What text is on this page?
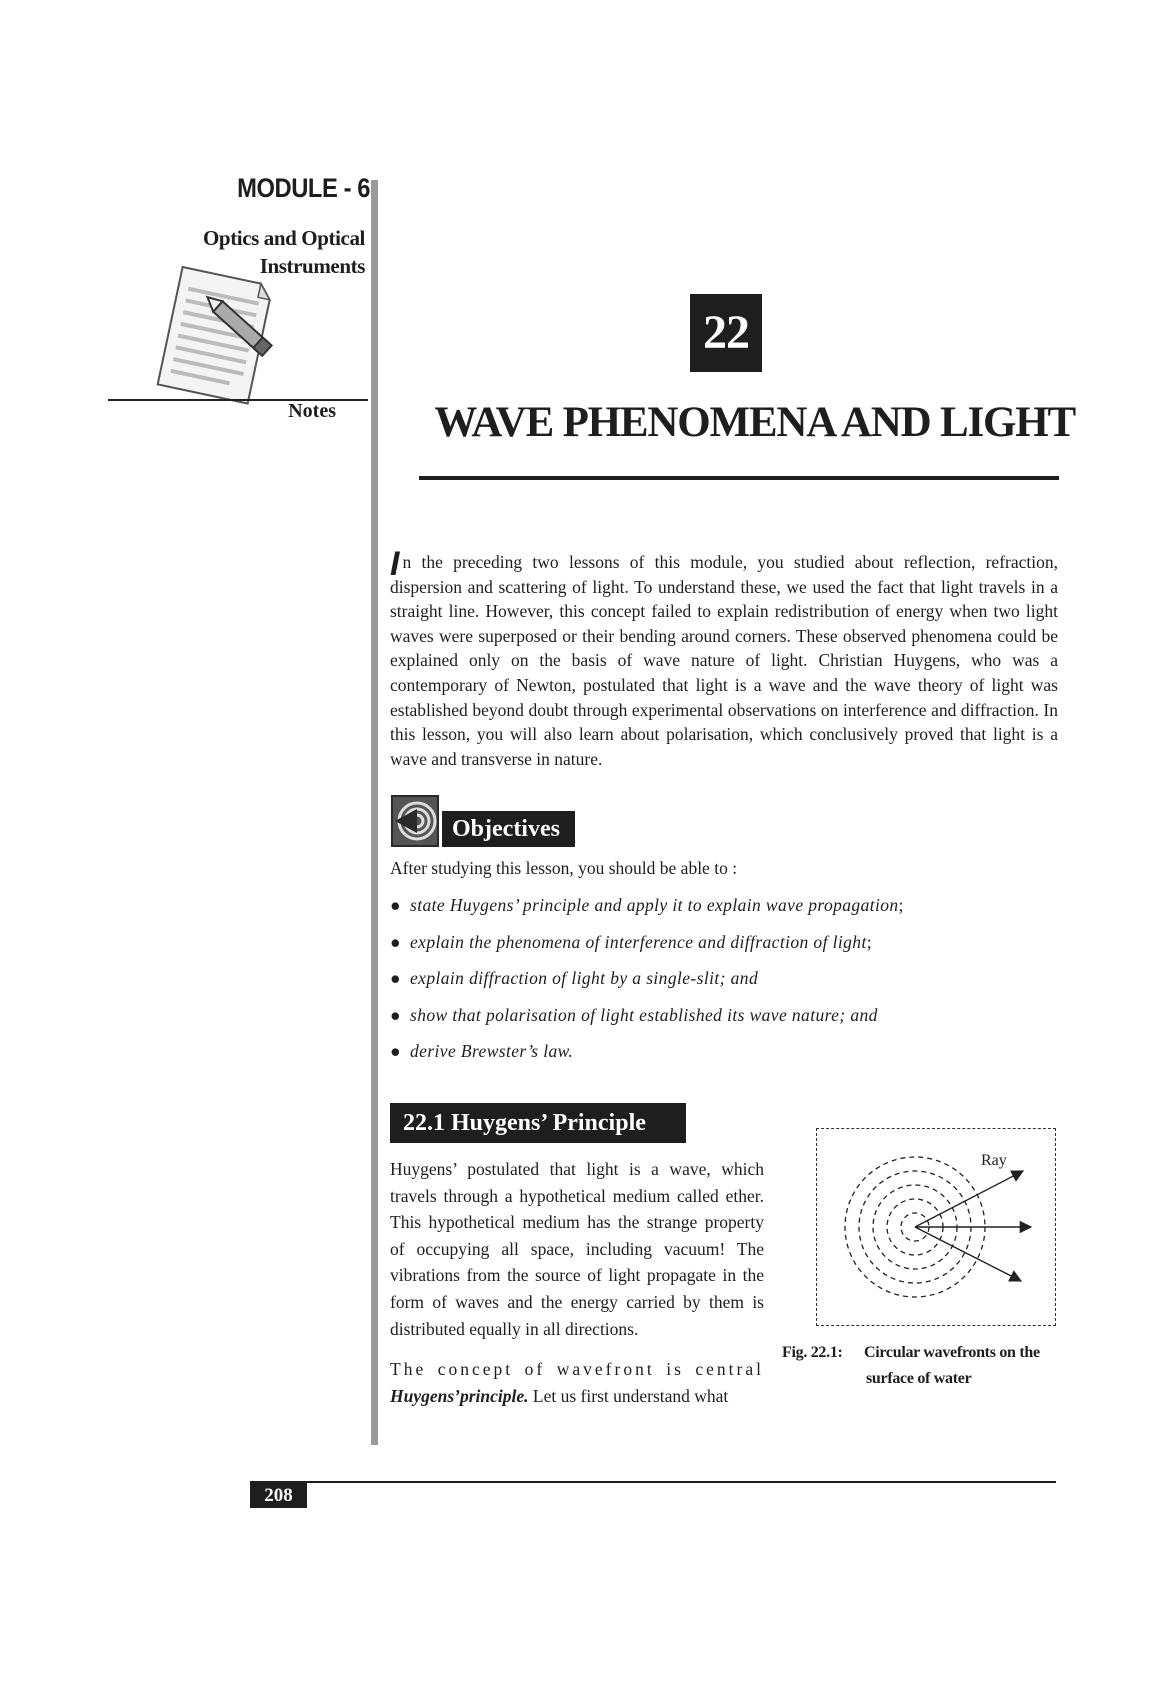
MODULE - 6
Optics and Optical
Instruments
Notes
22
WAVE PHENOMENA AND LIGHT
In the preceding two lessons of this module, you studied about reflection, refraction, dispersion and scattering of light. To understand these, we used the fact that light travels in a straight line. However, this concept failed to explain redistribution of energy when two light waves were superposed or their bending around corners. These observed phenomena could be explained only on the basis of wave nature of light. Christian Huygens, who was a contemporary of Newton, postulated that light is a wave and the wave theory of light was established beyond doubt through experimental observations on interference and diffraction. In this lesson, you will also learn about polarisation, which conclusively proved that light is a wave and transverse in nature.
Objectives
After studying this lesson, you should be able to :
● state Huygens’ principle and apply it to explain wave propagation;
● explain the phenomena of interference and diffraction of light;
● explain diffraction of light by a single-slit; and
● show that polarisation of light established its wave nature; and
● derive Brewster’s law.
22.1 Huygens’ Principle
Huygens’ postulated that light is a wave, which travels through a hypothetical medium called ether. This hypothetical medium has the strange property of occupying all space, including vacuum! The vibrations from the source of light propagate in the form of waves and the energy carried by them is distributed equally in all directions.
The concept of wavefront is central Huygens’principle. Let us first understand what
Ray
Fig. 22.1: Circular wavefronts on the
surface of water
208
